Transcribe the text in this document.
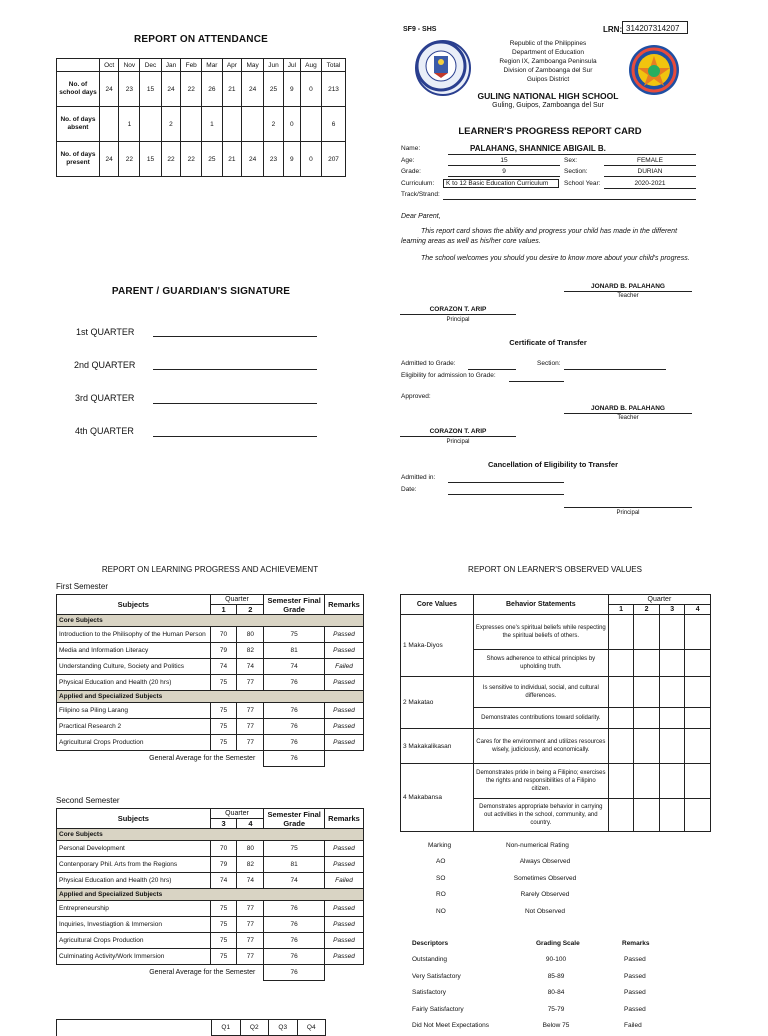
REPORT ON ATTENDANCE
	Oct	Nov	Dec	Jan	Feb	Mar	Apr	May	Jun	Jul	Aug	Total
No. of school days	24	23	15	24	22	26	21	24	25	9	0	213
No. of days absent		1		2		1			2	0		6
No. of days present	24	22	15	22	22	25	21	24	23	9	0	207
PARENT / GUARDIAN'S SIGNATURE
1st QUARTER
2nd QUARTER
3rd QUARTER
4th QUARTER
SF9 - SHS	LRN: 314207314207
Republic of the Philippines
Department of Education
Region IX, Zamboanga Peninsula
Division of Zamboanga del Sur
Guipos District
GULING NATIONAL HIGH SCHOOL
Guling, Guipos, Zamboanga del Sur
LEARNER'S PROGRESS REPORT CARD
Name:	PALAHANG, SHANNICE ABIGAIL B.
Age:	15	Sex:	FEMALE
Grade:	9	Section:	DURIAN
Curriculum:	K to 12 Basic Education Curriculum	School Year:	2020-2021
Track/Strand:
Dear Parent,
This report card shows the ability and progress your child has made in the different learning areas as well as his/her core values.
The school welcomes you should you desire to know more about your child's progress.
JONARD B. PALAHANG
Teacher
CORAZON T. ARIP
Principal
Certificate of Transfer
Admitted to Grade:	Section:
Eligibility for admission to Grade:
Approved:
JONARD B. PALAHANG
Teacher
CORAZON T. ARIP
Principal
Cancellation of Eligibility to Transfer
Admitted in:
Date:
Principal
REPORT ON LEARNING PROGRESS AND ACHIEVEMENT
First Semester
Subjects	Quarter		Semester Final Grade	Remarks
	1	2		
Core Subjects				
Introduction to the Philisophy of the Human Person	70	80	75	Passed
Media and Information Literacy	79	82	81	Passed
Understanding Culture, Society and Politics	74	74	74	Failed
Physical Education and Health (20 hrs)	75	77	76	Passed
Applied and Specialized Subjects				
Filipino sa Piling Larang	75	77	76	Passed
Pracrtical Research 2	75	77	76	Passed
Agricultural Crops Production	75	77	76	Passed
General Average for the Semester			76	
Second Semester
Subjects	Quarter		Semester Final Grade	Remarks
	3	4		
Core Subjects				
Personal Development	70	80	75	Passed
Contenporary Phil. Arts from the Regions	79	82	81	Passed
Physical Education and Health (20 hrs)	74	74	74	Failed
Applied and Specialized Subjects				
Entrepreneurship	75	77	76	Passed
Inquiries, Investiagtion & Immersion	75	77	76	Passed
Agricultural Crops Production	75	77	76	Passed
Culminating Activity/Work Immersion	75	77	76	Passed
General Average for the Semester			76	
	Q1	Q2	Q3	Q4
REPORT ON LEARNER'S OBSERVED VALUES
Core Values	Behavior Statements	Quarter			
		1	2	3	4
1 Maka-Diyos	Expresses one's spiritual beliefs while respecting the spiritual beliefs of others.				
	Shows adherence to ethical principles by upholding truth.				
2 Makatao	Is sensitive to individual, social, and cultural differences.				
	Demonstrates contributions toward solidarity.				
3 Makakalikasan	Cares for the environment and utilizes resources wisely, judiciously, and economically.				
4 Makabansa	Demonstrates pride in being a Filipino; exercises the rights and responsibilities of a Filipino citizen.				
	Demonstrates appropriate behavior in carrying out activities in the school, community, and country.				
Marking	Non-numerical Rating
AO	Always Observed
SO	Sometimes Observed
RO	Rarely Observed
NO	Not Observed
Descriptors	Grading Scale	Remarks
Outstanding	90-100	Passed
Very Satisfactory	85-89	Passed
Satisfactory	80-84	Passed
Fairly Satisfactory	75-79	Passed
Did Not Meet Expectations	Below 75	Failed
